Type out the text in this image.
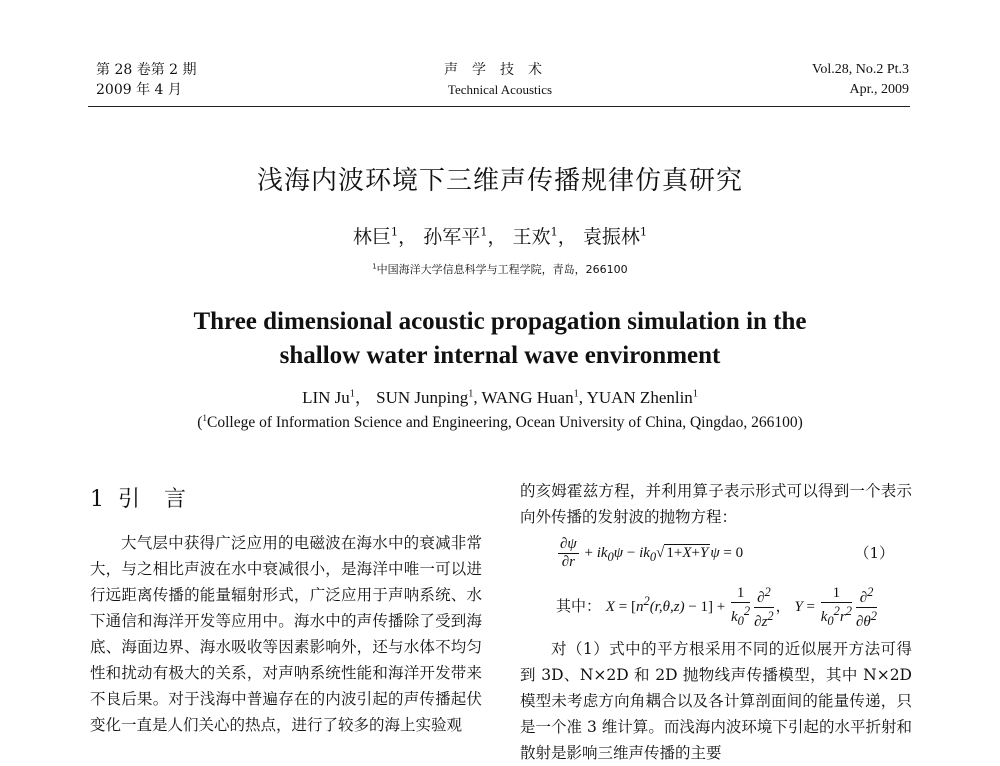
第 28 卷第 2 期
2009 年 4 月
声学技术
Technical Acoustics
Vol.28, No.2 Pt.3
Apr., 2009
浅海内波环境下三维声传播规律仿真研究
林巨$^1$， 孙军平$^1$， 王欢$^1$， 袁振林$^1$
$^1$中国海洋大学信息科学与工程学院，青岛，266100
Three dimensional acoustic propagation simulation in the
shallow water internal wave environment
LIN Ju$^1$， SUN Junping$^1$, WANG Huan$^1$, YUAN Zhenlin$^1$
($^1$College of Information Science and Engineering, Ocean University of China, Qingdao, 266100)
1 引 言

大气层中获得广泛应用的电磁波在海水中的衰减非常大，与之相比声波在水中衰减很小，是海洋中唯一可以进行远距离传播的能量辐射形式，广泛应用于声呐系统、水下通信和海洋开发等应用中。海水中的声传播除了受到海底、海面边界、海水吸收等因素影响外，还与水体不均匀性和扰动有极大的关系，对声呐系统性能和海洋开发带来不良后果。对于浅海中普遍存在的内波引起的声传播起伏变化一直是人们关心的热点，进行了较多的海上实验观

的亥姆霍兹方程，并利用算子表示形式可以得到一个表示向外传播的发射波的抛物方程：

$\frac{\partial\psi}{\partial r} + ik_0\psi - ik_0√$ 1+X+Y ψ = 0	（1）
其中： $X = [n^2(r,\theta,z) - 1] + \frac{1}{k_0^2} \frac{\partial^2}{\partial z^2}$ ， $Y = \frac{1}{k_0^2r^2} \frac{\partial^2}{\partial\theta^2}$

对（1）式中的平方根采用不同的近似展开方法可得到 3D、N×2D 和 2D 抛物线声传播模型，其中 N×2D 模型未考虑方向角耦合以及各计算剖面间的能量传递，只是一个准 3 维计算。而浅海内波环境下引起的水平折射和散射是影响三维声传播的主要
